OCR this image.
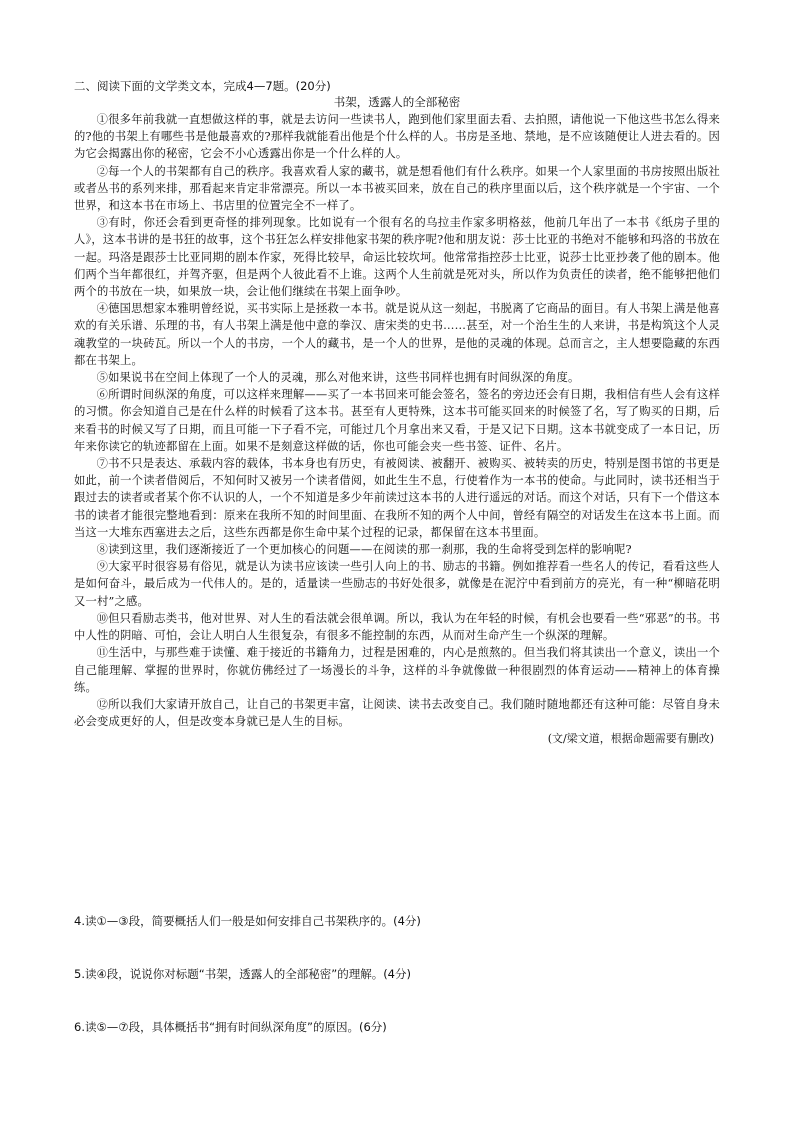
二、阅读下面的文学类文本，完成4—7题。(20分)

书架，透露人的全部秘密

①很多年前我就一直想做这样的事，就是去访问一些读书人，跑到他们家里面去看、去拍照，请他说一下他这些书怎么得来的?他的书架上有哪些书是他最喜欢的?那样我就能看出他是个什么样的人。书房是圣地、禁地，是不应该随便让人进去看的。因为它会揭露出你的秘密，它会不小心透露出你是一个什么样的人。

②每一个人的书架都有自己的秩序。我喜欢看人家的藏书，就是想看他们有什么秩序。如果一个人家里面的书房按照出版社或者丛书的系列来排，那看起来肯定非常漂亮。所以一本书被买回来，放在自己的秩序里面以后，这个秩序就是一个宇宙、一个世界，和这本书在市场上、书店里的位置完全不一样了。

③有时，你还会看到更奇怪的排列现象。比如说有一个很有名的乌拉圭作家多明格兹，他前几年出了一本书《纸房子里的人》，这本书讲的是书狂的故事，这个书狂怎么样安排他家书架的秩序呢?他和朋友说：莎士比亚的书绝对不能够和玛洛的书放在一起。玛洛是跟莎士比亚同期的剧本作家，死得比较早，命运比较坎坷。他常常指控莎士比亚，说莎士比亚抄袭了他的剧本。他们两个当年都很红，并驾齐驱，但是两个人彼此看不上谁。这两个人生前就是死对头，所以作为负责任的读者，绝不能够把他们两个的书放在一块，如果放一块，会让他们继续在书架上面争吵。

④德国思想家本雅明曾经说，买书实际上是拯救一本书。就是说从这一刻起，书脱离了它商品的面目。有人书架上满是他喜欢的有关乐谱、乐理的书，有人书架上满是他中意的拳汉、唐宋类的史书……甚至，对一个治生生的人来讲，书是构筑这个人灵魂教堂的一块砖瓦。所以一个人的书房，一个人的藏书，是一个人的世界，是他的灵魂的体现。总而言之，主人想要隐藏的东西都在书架上。

⑤如果说书在空间上体现了一个人的灵魂，那么对他来讲，这些书同样也拥有时间纵深的角度。

⑥所谓时间纵深的角度，可以这样来理解——买了一本书回来可能会签名，签名的旁边还会有日期，我相信有些人会有这样的习惯。你会知道自己是在什么样的时候看了这本书。甚至有人更特殊，这本书可能买回来的时候签了名，写了购买的日期，后来看书的时候又写了日期，而且可能一下子看不完，可能过几个月拿出来又看，于是又记下日期。这本书就变成了一本日记，历年来你读它的轨迹都留在上面。如果不是刻意这样做的话，你也可能会夹一些书签、证件、名片。

⑦书不只是表达、承载内容的载体，书本身也有历史，有被阅读、被翻开、被购买、被转卖的历史，特别是图书馆的书更是如此，前一个读者借阅后，不知何时又被另一个读者借阅，如此生生不息，行使着作为一本书的使命。与此同时，读书还相当于跟过去的读者或者某个你不认识的人，一个不知道是多少年前读过这本书的人进行遥远的对话。而这个对话，只有下一个借这本书的读者才能很完整地看到：原来在我所不知的时间里面、在我所不知的两个人中间，曾经有隔空的对话发生在这本书上面。而当这一大堆东西塞进去之后，这些东西都是你生命中某个过程的记录，都保留在这本书里面。

⑧读到这里，我们逐渐接近了一个更加核心的问题——在阅读的那一刹那，我的生命将受到怎样的影响呢?

⑨大家平时很容易有俗见，就是认为读书应该读一些引人向上的书、励志的书籍。例如推荐看一些名人的传记，看看这些人是如何奋斗，最后成为一代伟人的。是的，适量读一些励志的书好处很多，就像是在泥泞中看到前方的亮光，有一种“柳暗花明又一村”之感。

⑩但只看励志类书，他对世界、对人生的看法就会很单调。所以，我认为在年轻的时候，有机会也要看一些“邪恶”的书。书中人性的阴暗、可怕，会让人明白人生很复杂，有很多不能控制的东西，从而对生命产生一个纵深的理解。

⑪生活中，与那些难于读懂、难于接近的书籍角力，过程是困难的，内心是煎熬的。但当我们将其读出一个意义，读出一个自己能理解、掌握的世界时，你就仿佛经过了一场漫长的斗争，这样的斗争就像做一种很剧烈的体育运动——精神上的体育操练。

⑫所以我们大家请开放自己，让自己的书架更丰富，让阅读、读书去改变自己。我们随时随地都还有这种可能：尽管自身未必会变成更好的人，但是改变本身就已是人生的目标。

(文/梁文道，根据命题需要有删改)

4.读①—③段，简要概括人们一般是如何安排自己书架秩序的。(4分)

5.读④段，说说你对标题“书架，透露人的全部秘密”的理解。(4分)

6.读⑤—⑦段，具体概括书“拥有时间纵深角度”的原因。(6分)
